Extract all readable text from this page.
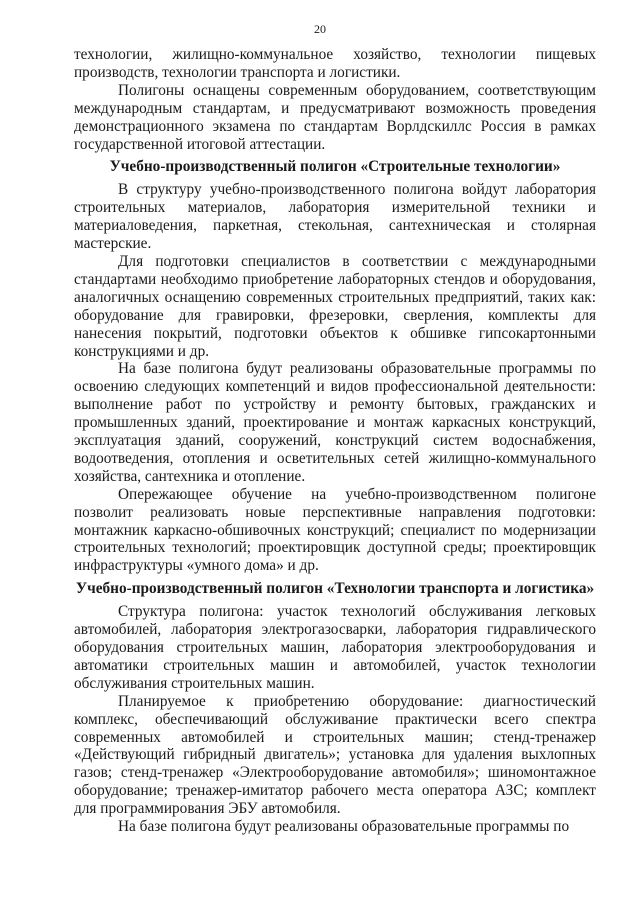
20

технологии, жилищно-коммунальное хозяйство, технологии пищевых производств, технологии транспорта и логистики.

Полигоны оснащены современным оборудованием, соответствующим международным стандартам, и предусматривают возможность проведения демонстрационного экзамена по стандартам Ворлдскиллс Россия в рамках государственной итоговой аттестации.

Учебно-производственный полигон «Строительные технологии»

В структуру учебно-производственного полигона войдут лаборатория строительных материалов, лаборатория измерительной техники и материаловедения, паркетная, стекольная, сантехническая и столярная мастерские.

Для подготовки специалистов в соответствии с международными стандартами необходимо приобретение лабораторных стендов и оборудования, аналогичных оснащению современных строительных предприятий, таких как: оборудование для гравировки, фрезеровки, сверления, комплекты для нанесения покрытий, подготовки объектов к обшивке гипсокартонными конструкциями и др.

На базе полигона будут реализованы образовательные программы по освоению следующих компетенций и видов профессиональной деятельности: выполнение работ по устройству и ремонту бытовых, гражданских и промышленных зданий, проектирование и монтаж каркасных конструкций, эксплуатация зданий, сооружений, конструкций систем водоснабжения, водоотведения, отопления и осветительных сетей жилищно-коммунального хозяйства, сантехника и отопление.

Опережающее обучение на учебно-производственном полигоне позволит реализовать новые перспективные направления подготовки: монтажник каркасно-обшивочных конструкций; специалист по модернизации строительных технологий; проектировщик доступной среды; проектировщик инфраструктуры «умного дома» и др.

Учебно-производственный полигон «Технологии транспорта и логистика»

Структура полигона: участок технологий обслуживания легковых автомобилей, лаборатория электрогазосварки, лаборатория гидравлического оборудования строительных машин, лаборатория электрооборудования и автоматики строительных машин и автомобилей, участок технологии обслуживания строительных машин.

Планируемое к приобретению оборудование: диагностический комплекс, обеспечивающий обслуживание практически всего спектра современных автомобилей и строительных машин; стенд-тренажер «Действующий гибридный двигатель»; установка для удаления выхлопных газов; стенд-тренажер «Электрооборудование автомобиля»; шиномонтажное оборудование; тренажер-имитатор рабочего места оператора АЗС; комплект для программирования ЭБУ автомобиля.

На базе полигона будут реализованы образовательные программы по
